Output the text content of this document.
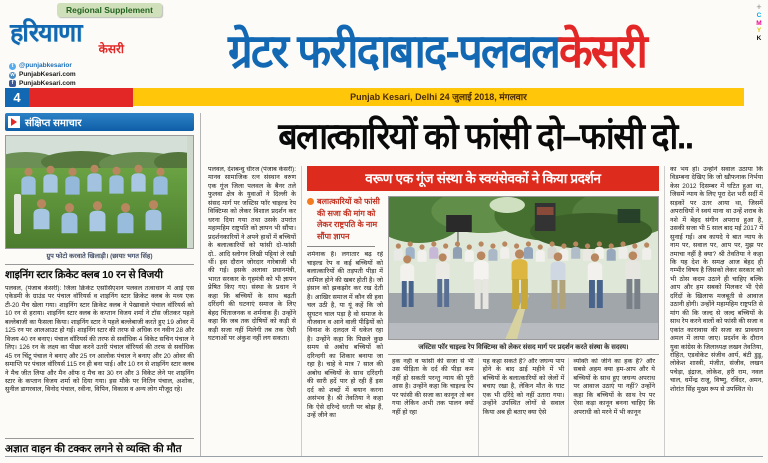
Regional Supplement
हरियाणा
केसरी
t @punjabkesarior
w PunjabKesari.com
f PunjabKesari.com
4
ग्रेटर फरीदाबाद-पलवलकेसरी
Punjab Kesari, Delhi 24 जुलाई 2018, मंगलवार
+
C
M
Y
K
संक्षिप्त समाचार
ग्रुप फोटो करवाते खिलाड़ी। (छायाः भगत सिंह)
शाइनिंग स्टार क्रिकेट क्लब 10 रन से विजयी
पलवल, (पंजाब केसरी): जिला क्रिकेट एसोसिएशन पलवल तत्वाधान में आई एस एकेडमी के ग्राउंड पर पंचाल वॉरियर्स व शाइनिंग स्टार क्रिकेट क्लब के मध्य एक टी-20 मैच खेला गया। शाइनिंग स्टार क्रिकेट क्लब ने पेखावाले पंचाल वॉरियर्स को 10 रन से हराया। शाइनिंग स्टार क्लब के कप्तान विजय शर्मा ने टॉस जीतकर पहले बल्लेबाजी का फैसला किया। शाइनिंग स्टार ने पहले बल्लेबाजी करते हुए 19 ओवर में 125 रन पर आलआउट हो गई। शाइनिंग स्टार की तरफ से अधिक रन नवीन 28 और विजय 40 रन बनाए। पंचाल वॉरियर्स की तरफ से सर्वाधिक 4 विकेट सचिन पंचाल ने लिए। 126 रन के लक्ष्य का पीछा करने उतरी पंचाल वॉरियर्स की तरफ से सर्वाधिक 45 रन चिंटू पंचाल ने बनाए और 25 रन आलोक पंचाल ने बनाए और 20 ओवर की समाप्ति पर पंचाल वॉरियर्स 115 रन ही बना पाई। और 10 रन से शाइनिंग स्टार क्लब ने मैच जीत लिया और मैन ऑफ द मैच का 30 रन और 3 विकेट लेने पर शाइनिंग स्टार के कप्तान विजय शर्मा को दिया गया। इस मौके पर नितिन पंचाल, अशोक, सुनील डागरवाल, विनोद पंचाल, रवीना, विपिन, विकास व अन्य लोग मौजूद रहे।
अज्ञात वाहन की टक्कर लगने से व्यक्ति की मौत
बलात्कारियों को फांसी दो–फांसी दो..
पलवल, देशबन्धु धीरज (पंजाब केसरी): मानव सामाजिक रत्न संस्थान वरुण एक गूंज जिला पलवल के बैनर तले फुलवा क्षेत्र के युवाओं ने दिल्ली के संसद मार्ग पर जस्टिस फॉर चाइल्ड रेप विक्टिम्स को लेकर विशाल प्रदर्शन कर धरना दिया गया तथा उसके उपरांत महामहिम राष्ट्रपति को ज्ञापन भी सौंपा। प्रदर्शनकारियों ने अपने हाथों में बच्चियों के बलात्कारियों को फांसी दो-फांसी दो.. आदि स्लोगन लिखी पट्टियां ले रखी थीं। इस दौरान जोरदार नारेबाजी भी की गई। इसके अलावा प्रधानमंत्री, भारत सरकार के गृहमंत्री को भी ज्ञापन प्रेषित किए गए। संस्था के प्रधान ने कहा कि बच्चियों के साथ बढ़ती दरिंदगी की घटनाएं समाज के लिए बेहद चिंताजनक व शर्मनाक हैं। उन्होंने कहा कि जब तक दोषियों को कड़ी से कड़ी सजा नहीं मिलेगी तब तक ऐसी घटनाओं पर अंकुश नहीं लग सकता।
वरूण एक गूंज संस्था के स्वयंसेवकों ने किया प्रदर्शन
बलात्कारियों को फांसी की सजा की मांग को लेकर राष्ट्रपति के नाम सौंपा ज्ञापन
शर्मनाक है। लगातार बढ़ रहे चाइल्ड रेप व कई बच्चियों को बलात्कारियों की तड़पती पीड़ा में शामिल होने की खबर होती है। जो इंसान को झकझोर कर रख देती है। आखिर समाज में कौन सी हवा चल उठी है, या यूं कहें कि जो सुघटन चाल पड़ा है वो समाज के नौजवान व आने वाली पीढ़ियों को विनाश के दलदल में धकेल रहा है। उन्होंने कहा कि पिछले कुछ समय से अबोध बच्चियों को दरिन्दगी का शिकार बनाया जा रहा है। चाहे वे मात्र 7 साल की अबोध बच्चियों के साथ दरिंदगी की सारी हदें पार हो रही हैं इस दर्द को शब्दों में बयान करना असंभव है। श्री तेवतिया ने कहा कि ऐसे दरिन्दे धरती पर बोझ हैं, उन्हें जीने का
जस्टिस फॉर चाइल्ड रेप विक्टिम्स को लेकर संसद मार्ग पर प्रदर्शन करते संस्था के सदस्य।
हक नहीं व फांसी की सजा से भी उस पीड़िता के दर्द की पीड़ा कम नहीं हो सकती परन्तु न्याय की पूरी आस है। उन्होंने कहा कि चाइल्ड रेप पर फांसी की सजा का कानून तो बन गया लेकिन अभी तक पालन क्यों नहीं हो रहा
यह कहा सकते हैं? और जघन्य पाप होने के बाद ढाई महीने में भी बच्चियों के बलात्कारियों को जेलों में बचाए रखा है, लेकिन मौत के घाट एक भी दरिंदे को नहीं उतारा गया। उन्होंने उपस्थित लोगों से सवाल किया अब ही बताए क्या ऐसे
व्यक्ति को जीने का हक है? और सबसे अहम क्या हम-आप और ये बच्चियों के साथ हुए जघन्य अपराध पर आवाज उठाएं या नहीं? उन्होंने कहा कि बच्चियों के साथ रेप पर ऐसा कड़ा कानून बनना चाहिए कि अपराधी को मरने में भी कानून
का भय हो। उन्होंने सवाल उठाया कि विडम्बना देखिए कि जो खौफनाक निर्भया केस 2012 दिसम्बर में घटित हुआ था, जिसमें न्याय के लिए पूरा देश भरी सर्दी में सड़कों पर उतर आया था, जिसमें अपराधियों ने स्वयं माना था उन्हें शराब के नशे में बेहद संगीन अपराध हुआ है, उसकी सजा भी 5 साल बाद मई 2017 में सुनाई गई। अब कायदे ये बात न्याय के नाम पर, सवाल पर, आप पर, मुझ पर तमाचा नहीं है क्या? श्री तेवतिया ने कहा कि यह देश के समक्ष आज बेहद ही गम्भीर विषय है जिसको लेकर सरकार को भी ठोस कदम उठाने ही चाहिए बल्कि आप और हम सबको मिलकर भी ऐसे दरिंदों के खिलाफ मजबूती से आवाज उठानी होगी। उन्होंने महामहिम राष्ट्रपति से मांग की कि जल्द से जल्द बच्चियों के साथ रेप करने वालों को फांसी की सजा व एकांत कारावास की सजा का प्रावधान अमल में लाया जाए। प्रदर्शन के दौरान युवा कांग्रेस के जिलाध्यक्ष लखन तेवतिया, रोहित, एडवोकेट संजीव आर्य, बंटी डुडू, लोकेश शास्त्री, मंजीत, संजीव, लखन पचेड़ा, इंद्राज, लोकेश, हरी राम, नवल चाल, धर्मेन्द्र राजू, विष्णु, रविंदर, अमन, शोरांत सिंह मुख्य रूप से उपस्थित थे।
